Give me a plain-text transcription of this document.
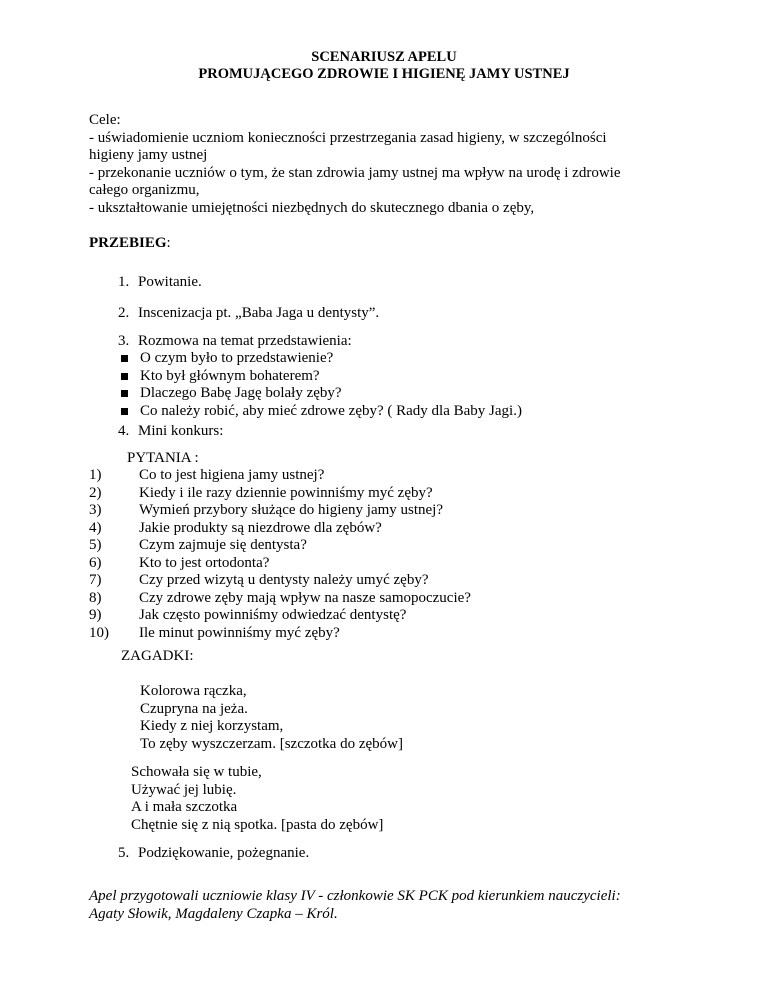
SCENARIUSZ APELU
PROMUJĄCEGO ZDROWIE I HIGIENĘ JAMY USTNEJ
Cele:
- uświadomienie uczniom konieczności przestrzegania zasad higieny, w szczególności
higieny jamy ustnej
- przekonanie uczniów o tym, że stan zdrowia jamy ustnej ma wpływ na urodę i zdrowie
całego organizmu,
- ukształtowanie umiejętności niezbędnych do skutecznego dbania o zęby,
PRZEBIEG:
1. Powitanie.
2. Inscenizacja pt. „Baba Jaga u dentysty”.
3. Rozmowa na temat przedstawienia:
O czym było to przedstawienie?
Kto był głównym bohaterem?
Dlaczego Babę Jagę bolały zęby?
Co należy robić, aby mieć zdrowe zęby? ( Rady dla Baby Jagi.)
4. Mini konkurs:
PYTANIA :
1)	Co to jest higiena jamy ustnej?
2)	Kiedy i ile razy dziennie powinniśmy myć zęby?
3)	Wymień przybory służące do higieny jamy ustnej?
4)	Jakie produkty są niezdrowe dla zębów?
5)	Czym zajmuje się dentysta?
6)	Kto to jest ortodonta?
7)	Czy przed wizytą u dentysty należy umyć zęby?
8)	Czy zdrowe zęby mają wpływ na nasze samopoczucie?
9)	Jak często powinniśmy odwiedzać dentystę?
10)	Ile minut powinniśmy myć zęby?
ZAGADKI:
Kolorowa rączka,
Czupryna na jeża.
Kiedy z niej korzystam,
To zęby wyszczerzam. [szczotka do zębów]
Schowała się w tubie,
Używać jej lubię.
A i mała szczotka
Chętnie się z nią spotka. [pasta do zębów]
5. Podziękowanie, pożegnanie.
Apel przygotowali uczniowie klasy IV - członkowie SK PCK pod kierunkiem nauczycieli:
Agaty Słowik, Magdaleny Czapka – Król.
